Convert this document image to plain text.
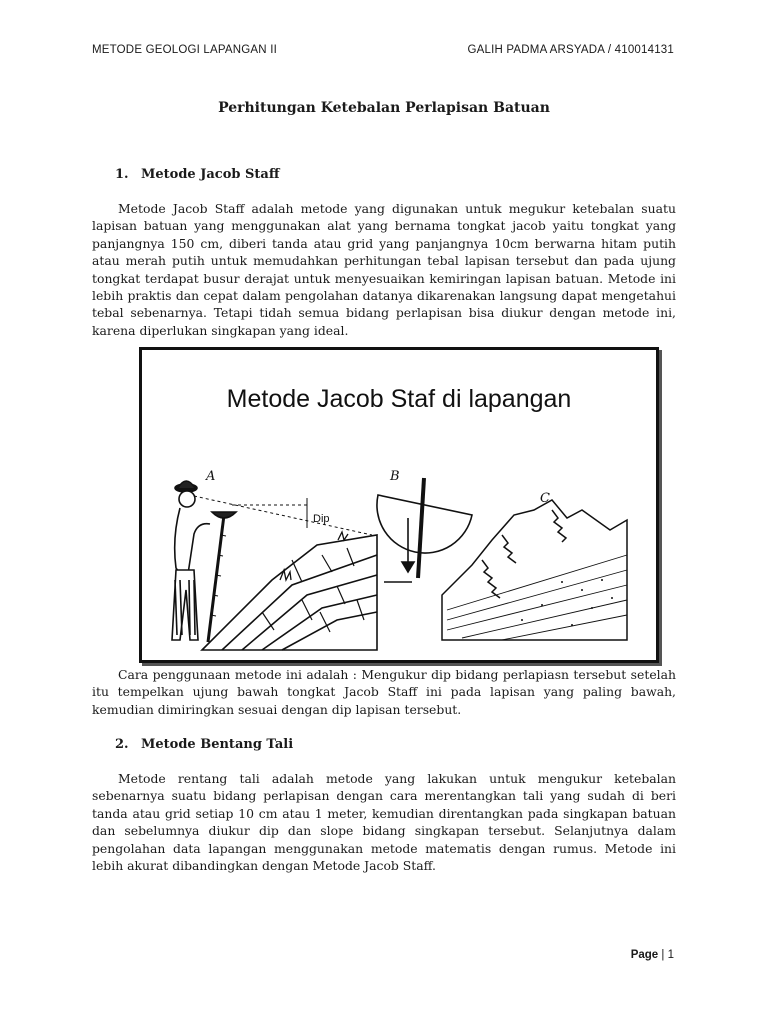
METODE GEOLOGI LAPANGAN II	GALIH PADMA ARSYADA / 410014131
Perhitungan Ketebalan Perlapisan Batuan
1. Metode Jacob Staff

Metode Jacob Staff adalah metode yang digunakan untuk megukur ketebalan suatu lapisan batuan yang menggunakan alat yang bernama tongkat jacob yaitu tongkat yang panjangnya 150 cm, diberi tanda atau grid yang panjangnya 10cm berwarna hitam putih atau merah putih untuk memudahkan perhitungan tebal lapisan tersebut dan pada ujung tongkat terdapat busur derajat untuk menyesuaikan kemiringan lapisan batuan. Metode ini lebih praktis dan cepat dalam pengolahan datanya dikarenakan langsung dapat mengetahui tebal sebenarnya. Tetapi tidah semua bidang perlapisan bisa diukur dengan metode ini, karena diperlukan singkapan yang ideal.

Metode Jacob Staf di lapangan
A
Dip
B
C

Cara penggunaan metode ini adalah : Mengukur dip bidang perlapiasn tersebut setelah itu tempelkan ujung bawah tongkat Jacob Staff ini pada lapisan yang paling bawah, kemudian dimiringkan sesuai dengan dip lapisan tersebut.

2. Metode Bentang Tali

Metode rentang tali adalah metode yang lakukan untuk mengukur ketebalan sebenarnya suatu bidang perlapisan dengan cara merentangkan tali yang sudah di beri tanda atau grid setiap 10 cm atau 1 meter, kemudian direntangkan pada singkapan batuan dan sebelumnya diukur dip dan slope bidang singkapan tersebut. Selanjutnya dalam pengolahan data lapangan menggunakan metode matematis dengan rumus. Metode ini lebih akurat dibandingkan dengan Metode Jacob Staff.

Page | 1
